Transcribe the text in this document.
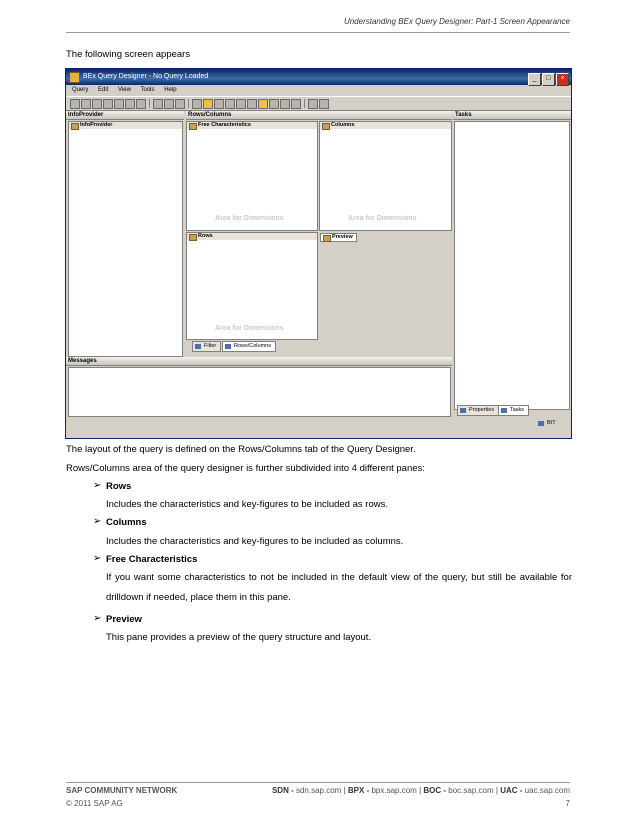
Understanding BEx Query Designer: Part-1 Screen Appearance
The following screen appears
BEx Query Designer - No Query Loaded	_ □ ×
Query Edit View Tools Help
InfoProvider
InfoProvider
Rows/Columns
Free Characteristics
Area for Dimensions
Columns
Area for Dimensions
Rows
Area for Dimensions
Preview
Filter	Rows/Columns
Messages
Tasks
Properties	Tasks
BIT
The layout of the query is defined on the Rows/Columns tab of the Query Designer.
Rows/Columns area of the query designer is further subdivided into 4 different panes:
➢ Rows
Includes the characteristics and key-figures to be included as rows.
➢ Columns
Includes the characteristics and key-figures to be included as columns.
➢ Free Characteristics
If you want some characteristics to not be included in the default view of the query, but still be available for drilldown if needed, place them in this pane.
➢ Preview
This pane provides a preview of the query structure and layout.
SAP COMMUNITY NETWORK	SDN - sdn.sap.com | BPX - bpx.sap.com | BOC - boc.sap.com | UAC - uac.sap.com
© 2011 SAP AG	7
